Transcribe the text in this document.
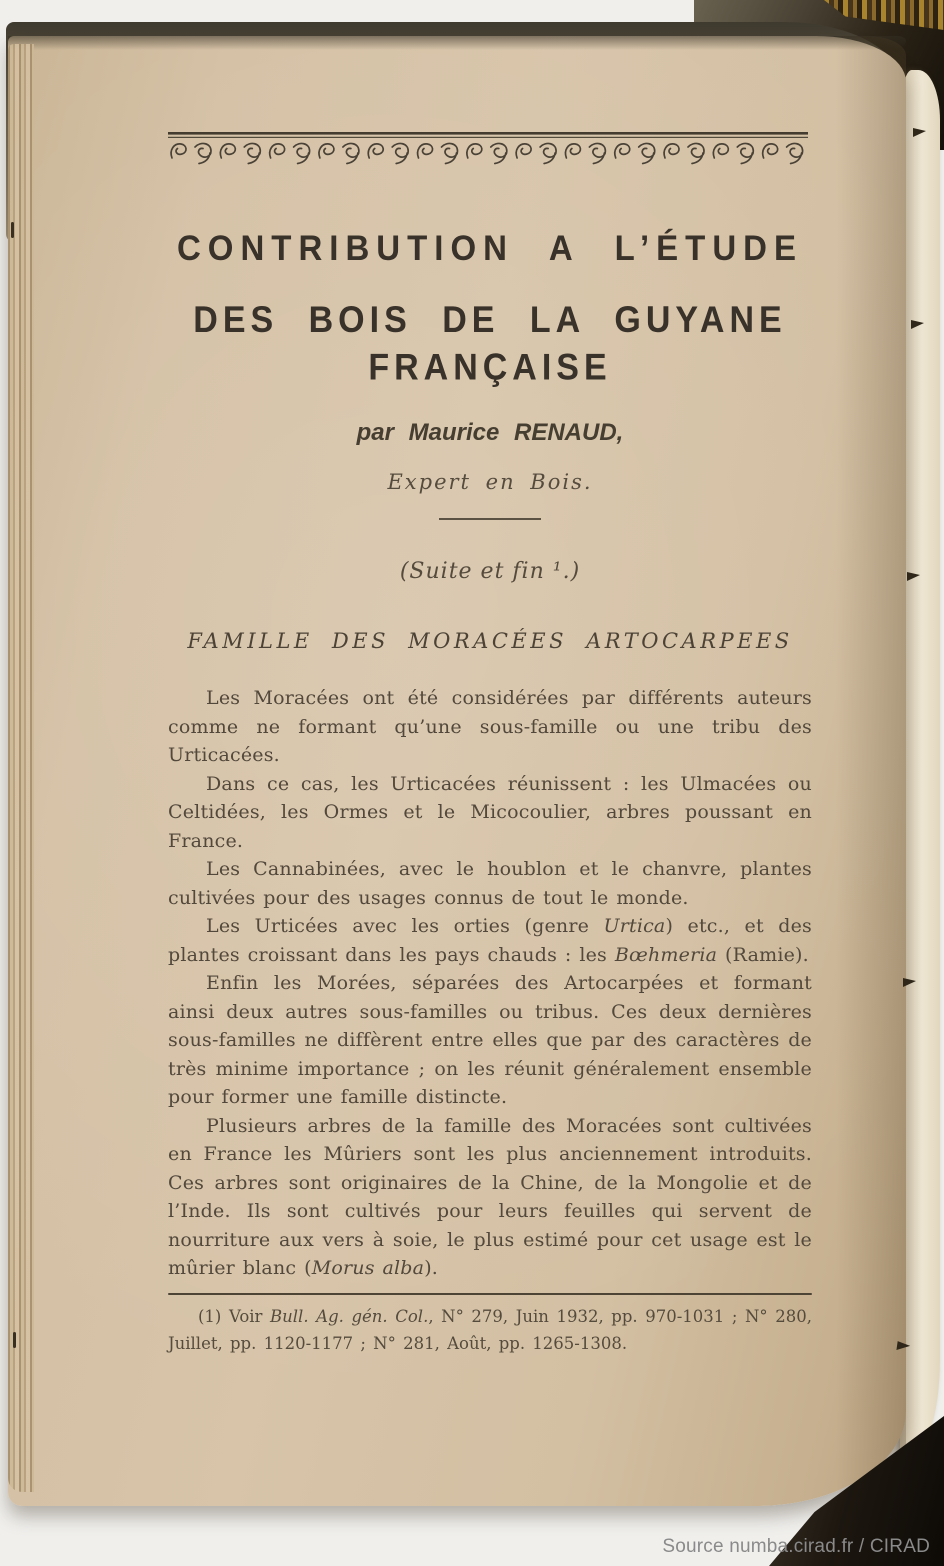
CONTRIBUTION A L’ÉTUDE
DES BOIS DE LA GUYANE FRANÇAISE
par Maurice RENAUD,
Expert en Bois.
(Suite et fin ¹.)
FAMILLE DES MORACÉES ARTOCARPEES

Les Moracées ont été considérées par différents auteurs comme ne formant qu’une sous-famille ou une tribu des Urticacées.

Dans ce cas, les Urticacées réunissent : les Ulmacées ou Celtidées, les Ormes et le Micocoulier, arbres poussant en France.

Les Cannabinées, avec le houblon et le chanvre, plantes cultivées pour des usages connus de tout le monde.

Les Urticées avec les orties (genre Urtica) etc., et des plantes croissant dans les pays chauds : les Bœhmeria (Ramie).

Enfin les Morées, séparées des Artocarpées et formant ainsi deux autres sous-familles ou tribus. Ces deux dernières sous-familles ne diffèrent entre elles que par des caractères de très minime importance ; on les réunit généralement ensemble pour former une famille distincte.

Plusieurs arbres de la famille des Moracées sont cultivées en France les Mûriers sont les plus anciennement introduits. Ces arbres sont originaires de la Chine, de la Mongolie et de l’Inde. Ils sont cultivés pour leurs feuilles qui servent de nourriture aux vers à soie, le plus estimé pour cet usage est le mûrier blanc (Morus alba).

(1) Voir Bull. Ag. gén. Col., N° 279, Juin 1932, pp. 970-1031 ; N° 280, Juillet, pp. 1120-1177 ; N° 281, Août, pp. 1265-1308.
Source numba.cirad.fr / CIRAD
